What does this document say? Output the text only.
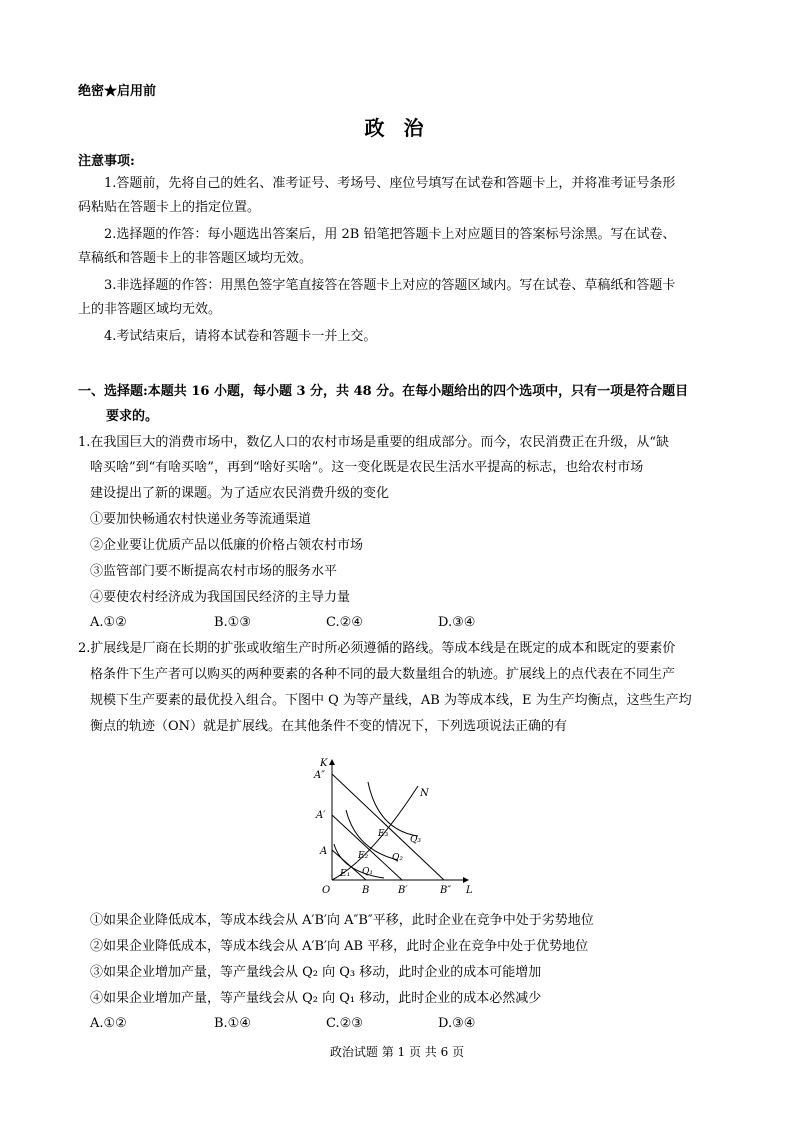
绝密★启用前
政 治
注意事项:
1.答题前，先将自己的姓名、准考证号、考场号、座位号填写在试卷和答题卡上，并将准考证号条形
码粘贴在答题卡上的指定位置。
2.选择题的作答：每小题选出答案后，用 2B 铅笔把答题卡上对应题目的答案标号涂黑。写在试卷、
草稿纸和答题卡上的非答题区域均无效。
3.非选择题的作答：用黑色签字笔直接答在答题卡上对应的答题区域内。写在试卷、草稿纸和答题卡
上的非答题区域均无效。
4.考试结束后，请将本试卷和答题卡一并上交。
一、选择题:本题共 16 小题，每小题 3 分，共 48 分。在每小题给出的四个选项中，只有一项是符合题目
要求的。
1.在我国巨大的消费市场中，数亿人口的农村市场是重要的组成部分。而今，农民消费正在升级，从“缺
啥买啥”到“有啥买啥”，再到“啥好买啥”。这一变化既是农民生活水平提高的标志，也给农村市场
建设提出了新的课题。为了适应农民消费升级的变化
①要加快畅通农村快递业务等流通渠道
②企业要让优质产品以低廉的价格占领农村市场
③监管部门要不断提高农村市场的服务水平
④要使农村经济成为我国国民经济的主导力量
A.①②	B.①③	C.②④	D.③④
2.扩展线是厂商在长期的扩张或收缩生产时所必须遵循的路线。等成本线是在既定的成本和既定的要素价
格条件下生产者可以购买的两种要素的各种不同的最大数量组合的轨迹。扩展线上的点代表在不同生产
规模下生产要素的最优投入组合。下图中 Q 为等产量线，AB 为等成本线，E 为生产均衡点，这些生产均
衡点的轨迹（ON）就是扩展线。在其他条件不变的情况下，下列选项说法正确的有
K
L
O
A″
A′
A
B	B′	B″
Q₁
Q₂
Q₃
E₁
E₂
E₃
N
①如果企业降低成本，等成本线会从 A′B′向 A″B″平移，此时企业在竞争中处于劣势地位
②如果企业降低成本，等成本线会从 A′B′向 AB 平移，此时企业在竞争中处于优势地位
③如果企业增加产量，等产量线会从 Q₂ 向 Q₃ 移动，此时企业的成本可能增加
④如果企业增加产量，等产量线会从 Q₂ 向 Q₁ 移动，此时企业的成本必然减少
A.①②	B.①④	C.②③	D.③④
政治试题 第 1 页 共 6 页
